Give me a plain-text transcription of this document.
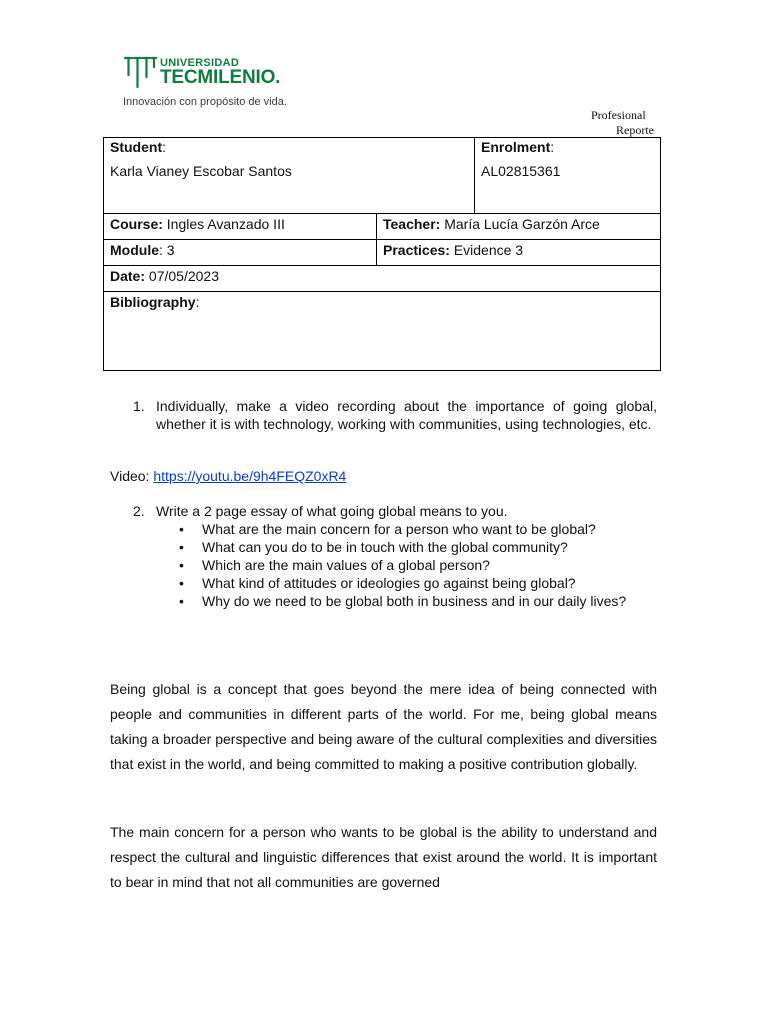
UNIVERSIDAD
TECMILENIO.
Innovación con propósito de vida.
Profesional
Reporte
Student:
Karla Vianey Escobar Santos
Enrolment:
AL02815361
Course: Ingles Avanzado III	Teacher: María Lucía Garzón Arce
Module: 3	Practices: Evidence 3
Date: 07/05/2023
Bibliography:
1. Individually, make a video recording about the importance of going global, whether it is with technology, working with communities, using technologies, etc.
Video: https://youtu.be/9h4FEQZ0xR4
2. Write a 2 page essay of what going global means to you.
• What are the main concern for a person who want to be global?
• What can you do to be in touch with the global community?
• Which are the main values of a global person?
• What kind of attitudes or ideologies go against being global?
• Why do we need to be global both in business and in our daily lives?

Being global is a concept that goes beyond the mere idea of being connected with people and communities in different parts of the world. For me, being global means taking a broader perspective and being aware of the cultural complexities and diversities that exist in the world, and being committed to making a positive contribution globally.

The main concern for a person who wants to be global is the ability to understand and respect the cultural and linguistic differences that exist around the world. It is important to bear in mind that not all communities are governed
